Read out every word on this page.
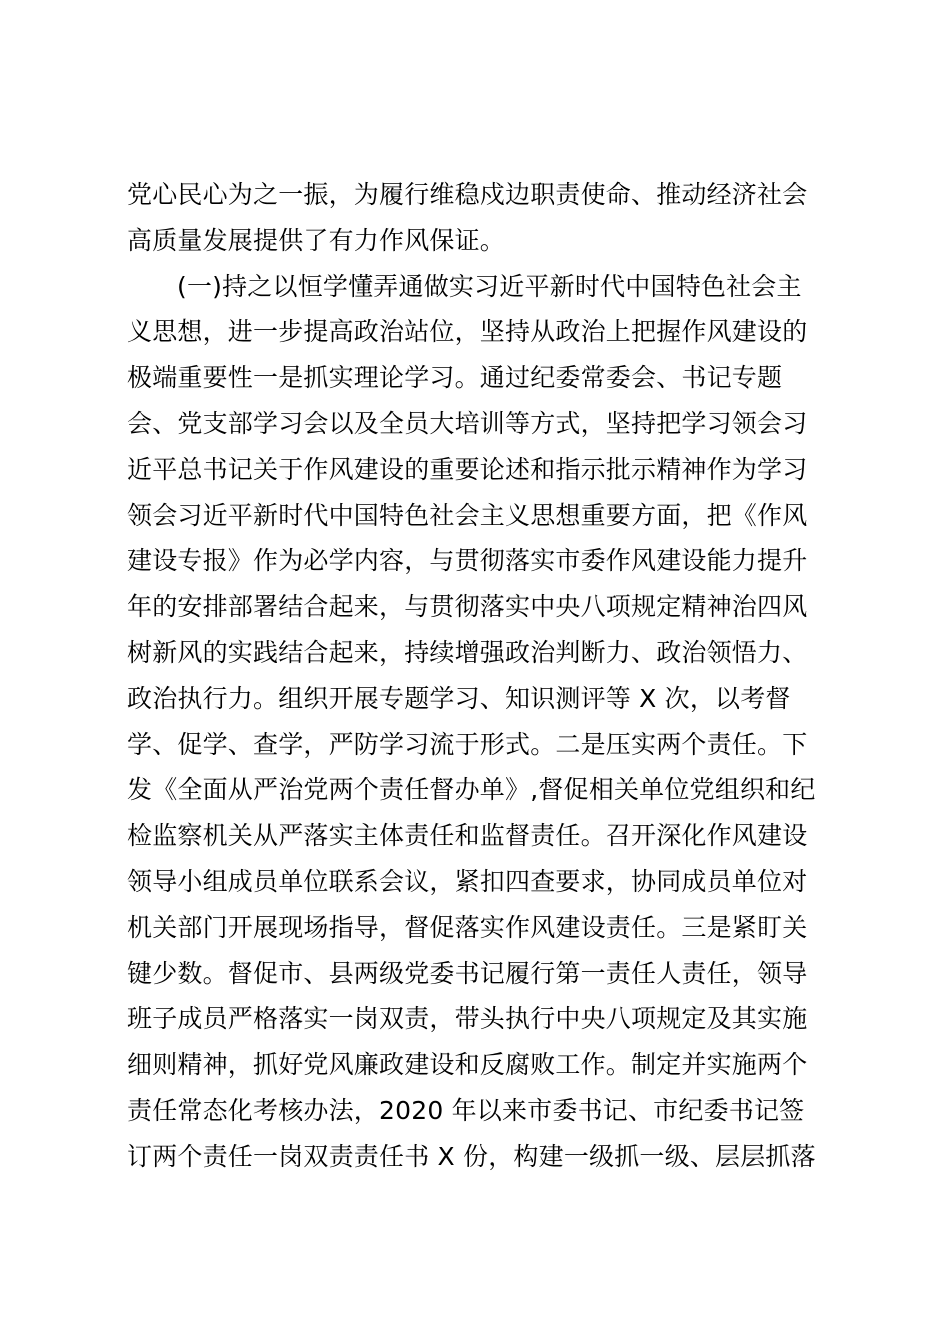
党心民心为之一振，为履行维稳戍边职责使命、推动经济社会
高质量发展提供了有力作风保证。
(一)持之以恒学懂弄通做实习近平新时代中国特色社会主
义思想，进一步提高政治站位，坚持从政治上把握作风建设的
极端重要性一是抓实理论学习。通过纪委常委会、书记专题
会、党支部学习会以及全员大培训等方式，坚持把学习领会习
近平总书记关于作风建设的重要论述和指示批示精神作为学习
领会习近平新时代中国特色社会主义思想重要方面，把《作风
建设专报》作为必学内容，与贯彻落实市委作风建设能力提升
年的安排部署结合起来，与贯彻落实中央八项规定精神治四风
树新风的实践结合起来，持续增强政治判断力、政治领悟力、
政治执行力。组织开展专题学习、知识测评等 X 次，以考督
学、促学、查学，严防学习流于形式。二是压实两个责任。下
发《全面从严治党两个责任督办单》,督促相关单位党组织和纪
检监察机关从严落实主体责任和监督责任。召开深化作风建设
领导小组成员单位联系会议，紧扣四查要求，协同成员单位对
机关部门开展现场指导，督促落实作风建设责任。三是紧盯关
键少数。督促市、县两级党委书记履行第一责任人责任，领导
班子成员严格落实一岗双责，带头执行中央八项规定及其实施
细则精神，抓好党风廉政建设和反腐败工作。制定并实施两个
责任常态化考核办法，2020 年以来市委书记、市纪委书记签
订两个责任一岗双责责任书 X 份，构建一级抓一级、层层抓落
